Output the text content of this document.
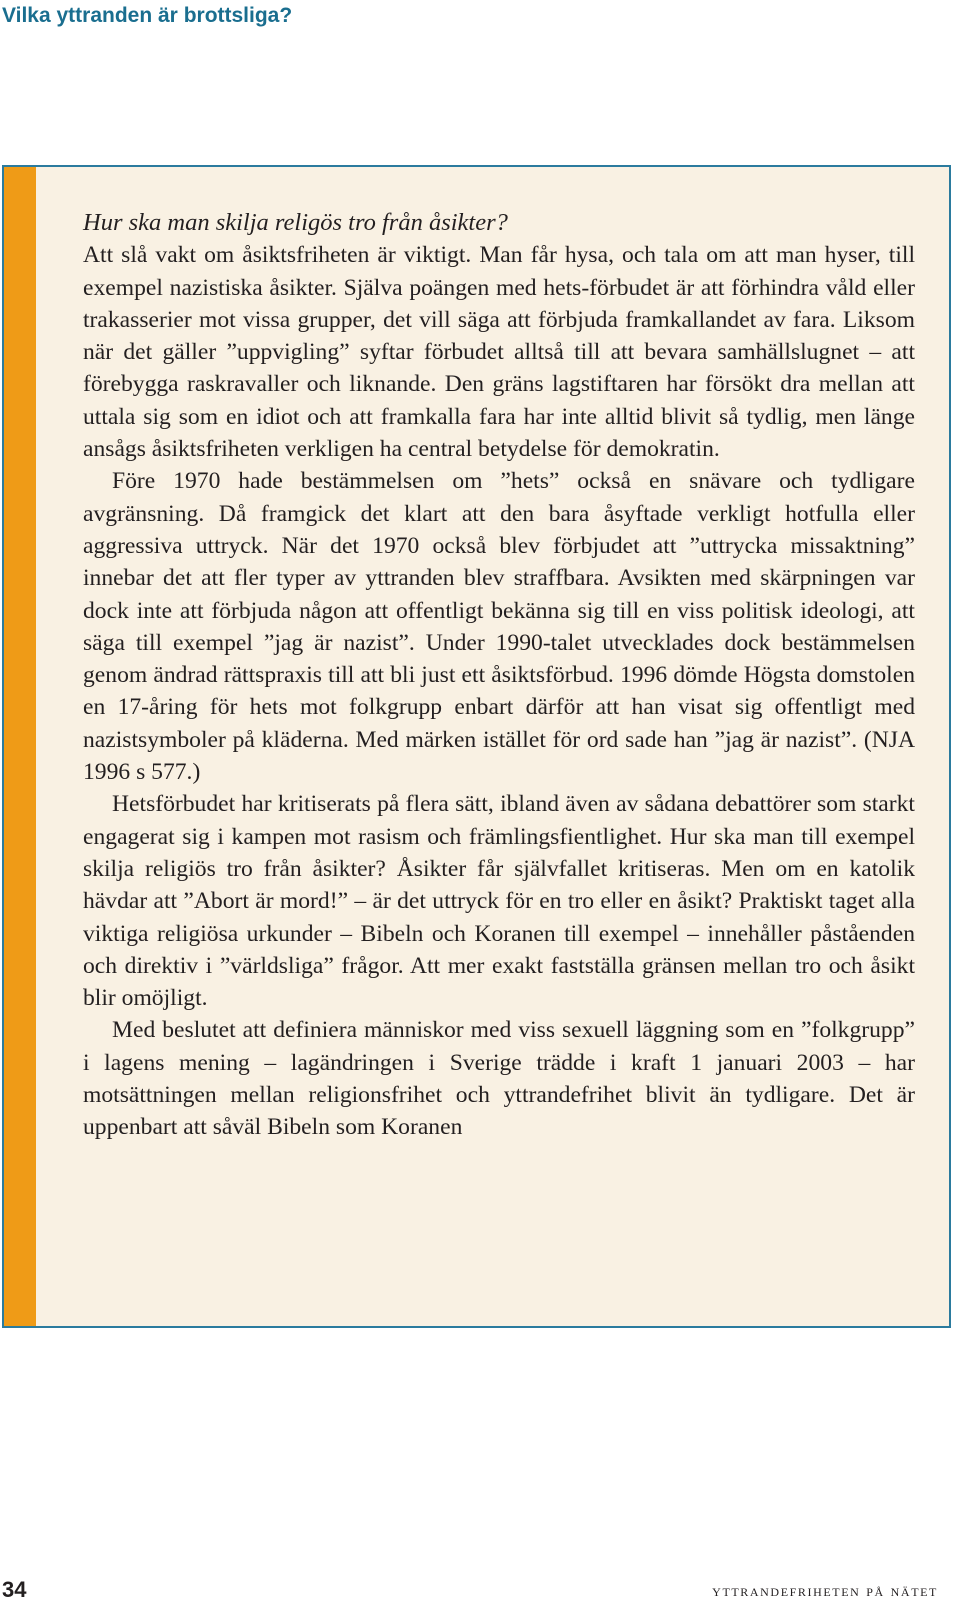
Vilka yttranden är brottsliga?

Hur ska man skilja religös tro från åsikter?

Att slå vakt om åsiktsfriheten är viktigt. Man får hysa, och tala om att man hyser, till exempel nazistiska åsikter. Själva poängen med hets-förbudet är att förhindra våld eller trakasserier mot vissa grupper, det vill säga att förbjuda framkallandet av fara. Liksom när det gäller ”uppvigling” syftar förbudet alltså till att bevara samhällslugnet – att förebygga raskravaller och liknande. Den gräns lagstiftaren har försökt dra mellan att uttala sig som en idiot och att framkalla fara har inte alltid blivit så tydlig, men länge ansågs åsiktsfriheten verkligen ha central betydelse för demokratin.

Före 1970 hade bestämmelsen om ”hets” också en snävare och tydligare avgränsning. Då framgick det klart att den bara åsyftade verkligt hotfulla eller aggressiva uttryck. När det 1970 också blev förbjudet att ”uttrycka missaktning” innebar det att fler typer av yttranden blev straffbara. Avsikten med skärpningen var dock inte att förbjuda någon att offentligt bekänna sig till en viss politisk ideologi, att säga till exempel ”jag är nazist”. Under 1990-talet utvecklades dock bestämmelsen genom ändrad rättspraxis till att bli just ett åsiktsförbud. 1996 dömde Högsta domstolen en 17-åring för hets mot folkgrupp enbart därför att han visat sig offentligt med nazistsymboler på kläderna. Med märken istället för ord sade han ”jag är nazist”. (NJA 1996 s 577.)

Hetsförbudet har kritiserats på flera sätt, ibland även av sådana debattörer som starkt engagerat sig i kampen mot rasism och främlingsfientlighet. Hur ska man till exempel skilja religiös tro från åsikter? Åsikter får självfallet kritiseras. Men om en katolik hävdar att ”Abort är mord!” – är det uttryck för en tro eller en åsikt? Praktiskt taget alla viktiga religiösa urkunder – Bibeln och Koranen till exempel – innehåller påståenden och direktiv i ”världsliga” frågor. Att mer exakt fastställa gränsen mellan tro och åsikt blir omöjligt.

Med beslutet att definiera människor med viss sexuell läggning som en ”folkgrupp” i lagens mening – lagändringen i Sverige trädde i kraft 1 januari 2003 – har motsättningen mellan religionsfrihet och yttrandefrihet blivit än tydligare. Det är uppenbart att såväl Bibeln som Koranen

34	yttrandefriheten på nätet
